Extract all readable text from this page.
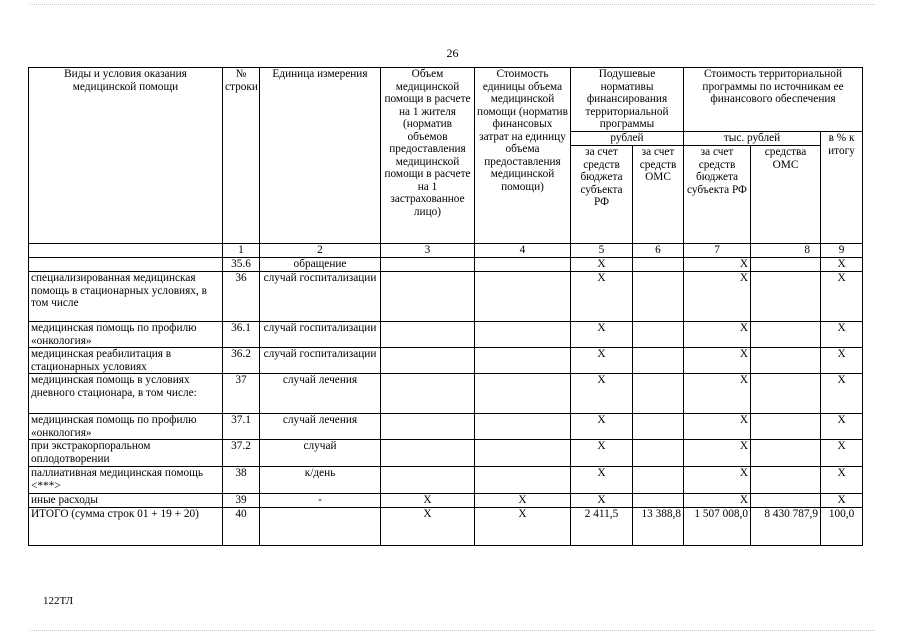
26
Виды и условия оказания медицинской помощи	№ строки	Единица измерения	Объем медицинской помощи в расчете на 1 жителя (норматив объемов предоставления медицинской помощи в расчете на 1 застрахованное лицо)	Стоимость единицы объема медицинской помощи (норматив финансовых затрат на единицу объема предоставления медицинской помощи)	Подушевые нормативы финансирования территориальной программы		Стоимость территориальной программы по источникам ее финансового обеспечения		
					рублей		тыс. рублей		в % к итогу
					за счет средств бюджета субъекта РФ	за счет средств ОМС	за счет средств бюджета субъекта РФ	средства ОМС	
	1	2	3	4	5	6	7	8	9
	35.6	обращение			X		X		X
специализированная медицинская помощь в стационарных условиях, в том числе	36	случай госпитализации			X		X		X
медицинская помощь по профилю «онкология»	36.1	случай госпитализации			X		X		X
медицинская реабилитация в стационарных условиях	36.2	случай госпитализации			X		X		X
медицинская помощь в условиях дневного стационара, в том числе:	37	случай лечения			X		X		X
медицинская помощь по профилю «онкология»	37.1	случай лечения			X		X		X
при экстракорпоральном оплодотворении	37.2	случай			X		X		X
паллиативная медицинская помощь <***>	38	к/день			X		X		X
иные расходы	39	-	X	X	X		X		X
ИТОГО (сумма строк 01 + 19 + 20)	40		X	X	2 411,5	13 388,8	1 507 008,0	8 430 787,9	100,0
122ТЛ
